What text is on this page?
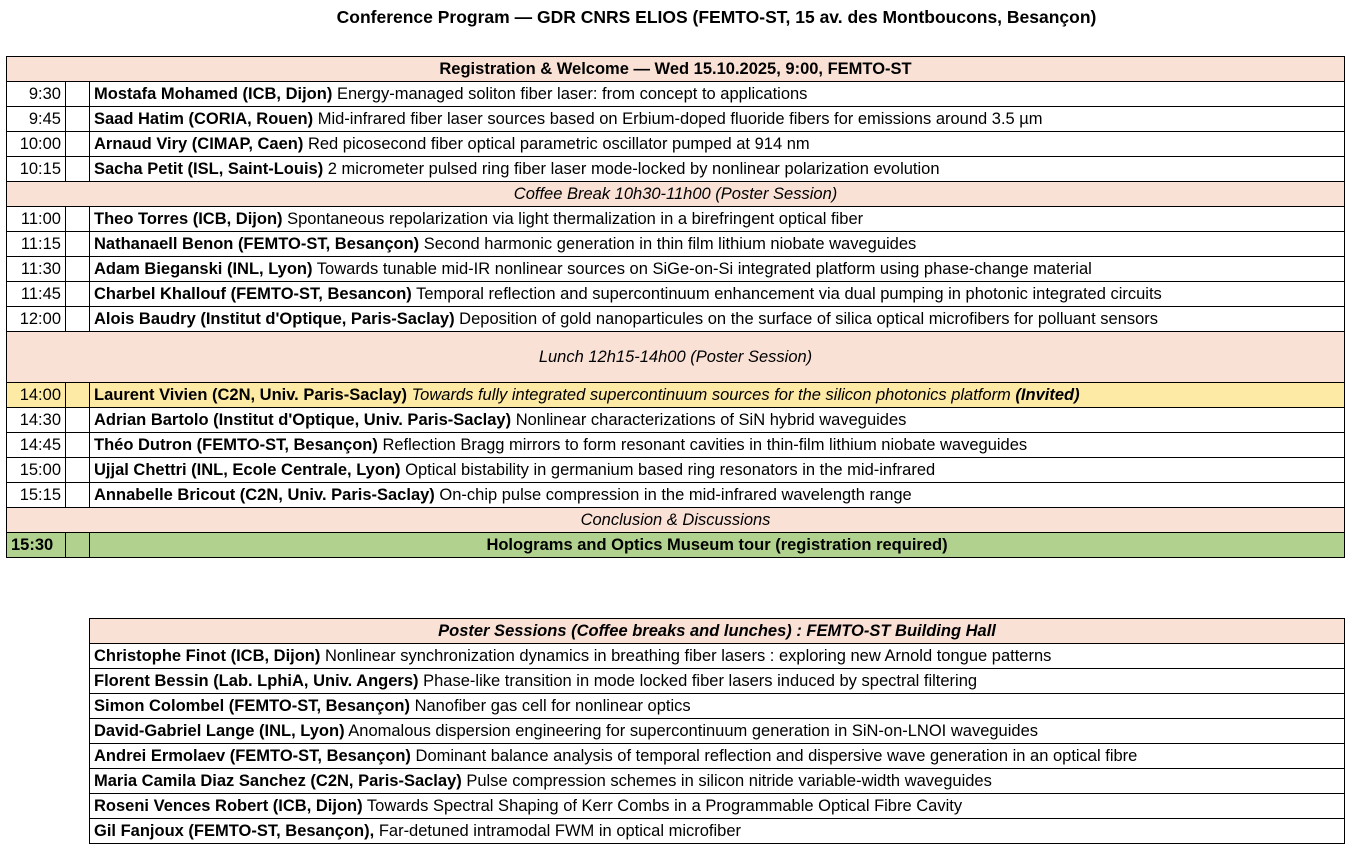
Conference Program — GDR CNRS ELIOS (FEMTO-ST, 15 av. des Montboucons, Besançon)
Registration & Welcome — Wed 15.10.2025, 9:00, FEMTO-ST		
9:30		Mostafa Mohamed (ICB, Dijon) Energy-managed soliton fiber laser: from concept to applications
9:45		Saad Hatim (CORIA, Rouen) Mid-infrared fiber laser sources based on Erbium-doped fluoride fibers for emissions around 3.5 µm
10:00		Arnaud Viry (CIMAP, Caen) Red picosecond fiber optical parametric oscillator pumped at 914 nm
10:15		Sacha Petit (ISL, Saint-Louis) 2 micrometer pulsed ring fiber laser mode-locked by nonlinear polarization evolution
Coffee Break 10h30-11h00 (Poster Session)		
11:00		Theo Torres (ICB, Dijon) Spontaneous repolarization via light thermalization in a birefringent optical fiber
11:15		Nathanaell Benon (FEMTO-ST, Besançon) Second harmonic generation in thin film lithium niobate waveguides
11:30		Adam Bieganski (INL, Lyon) Towards tunable mid-IR nonlinear sources on SiGe-on-Si integrated platform using phase-change material
11:45		Charbel Khallouf (FEMTO-ST, Besancon) Temporal reflection and supercontinuum enhancement via dual pumping in photonic integrated circuits
12:00		Alois Baudry (Institut d'Optique, Paris-Saclay) Deposition of gold nanoparticules on the surface of silica optical microfibers for polluant sensors
Lunch 12h15-14h00 (Poster Session)		
14:00		Laurent Vivien (C2N, Univ. Paris-Saclay) Towards fully integrated supercontinuum sources for the silicon photonics platform (Invited)
14:30		Adrian Bartolo (Institut d'Optique, Univ. Paris-Saclay) Nonlinear characterizations of SiN hybrid waveguides
14:45		Théo Dutron (FEMTO-ST, Besançon) Reflection Bragg mirrors to form resonant cavities in thin-film lithium niobate waveguides
15:00		Ujjal Chettri (INL, Ecole Centrale, Lyon) Optical bistability in germanium based ring resonators in the mid-infrared
15:15		Annabelle Bricout (C2N, Univ. Paris-Saclay) On-chip pulse compression in the mid-infrared wavelength range
Conclusion & Discussions		
15:30		Holograms and Optics Museum tour (registration required)
Poster Sessions (Coffee breaks and lunches) : FEMTO-ST Building Hall
Christophe Finot (ICB, Dijon) Nonlinear synchronization dynamics in breathing fiber lasers : exploring new Arnold tongue patterns
Florent Bessin (Lab. LphiA, Univ. Angers) Phase-like transition in mode locked fiber lasers induced by spectral filtering
Simon Colombel (FEMTO-ST, Besançon) Nanofiber gas cell for nonlinear optics
David-Gabriel Lange (INL, Lyon) Anomalous dispersion engineering for supercontinuum generation in SiN-on-LNOI waveguides
Andrei Ermolaev (FEMTO-ST, Besançon) Dominant balance analysis of temporal reflection and dispersive wave generation in an optical fibre
Maria Camila Diaz Sanchez (C2N, Paris-Saclay) Pulse compression schemes in silicon nitride variable-width waveguides
Roseni Vences Robert (ICB, Dijon) Towards Spectral Shaping of Kerr Combs in a Programmable Optical Fibre Cavity
Gil Fanjoux (FEMTO-ST, Besançon), Far-detuned intramodal FWM in optical microfiber
